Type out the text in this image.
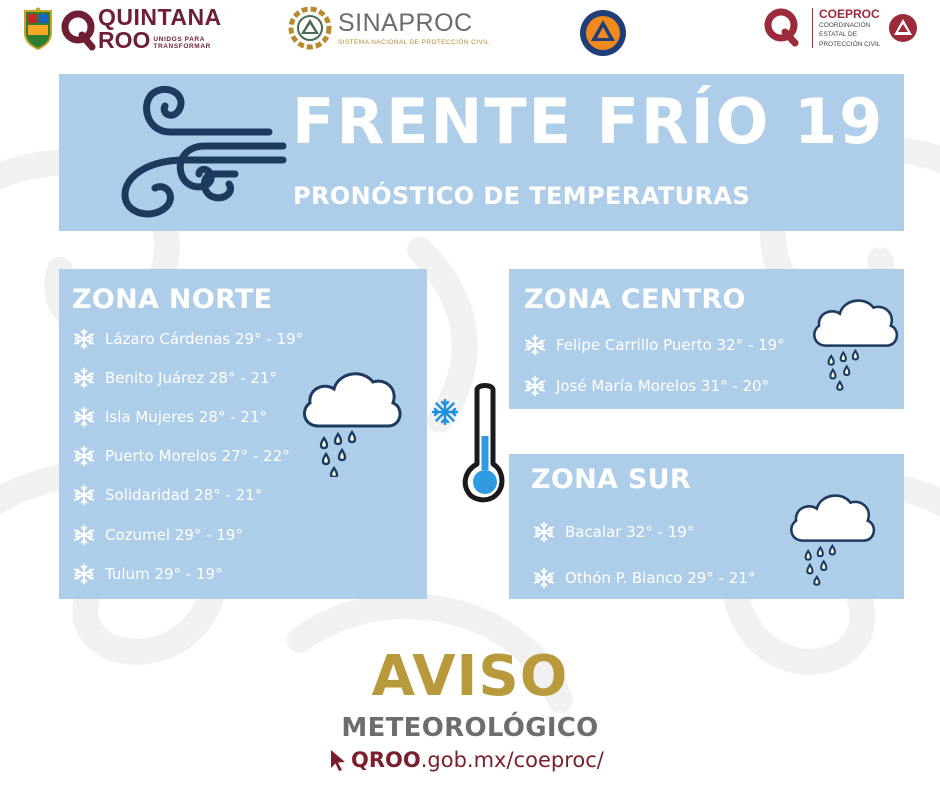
QUINTANA
ROO UNIDOS PARA
TRANSFORMAR
SINAPROC
SISTEMA NACIONAL DE PROTECCIÓN CIVIL
COEPROC
COORDINACIÓN
ESTATAL DE
PROTECCIÓN CIVIL
FRENTE FRÍO 19
PRONÓSTICO DE TEMPERATURAS
ZONA NORTE
Lázaro Cárdenas 29° - 19°
Benito Juárez 28° - 21°
Isla Mujeres 28° - 21°
Puerto Morelos 27° - 22°
Solidaridad 28° - 21°
Cozumel 29° - 19°
Tulum 29° - 19°
ZONA CENTRO
Felipe Carrillo Puerto 32° - 19°
José María Morelos 31° - 20°
ZONA SUR
Bacalar 32° - 19°
Othón P. Blanco 29° - 21°
AVISO
METEOROLÓGICO
QROO .gob.mx/coeproc/
